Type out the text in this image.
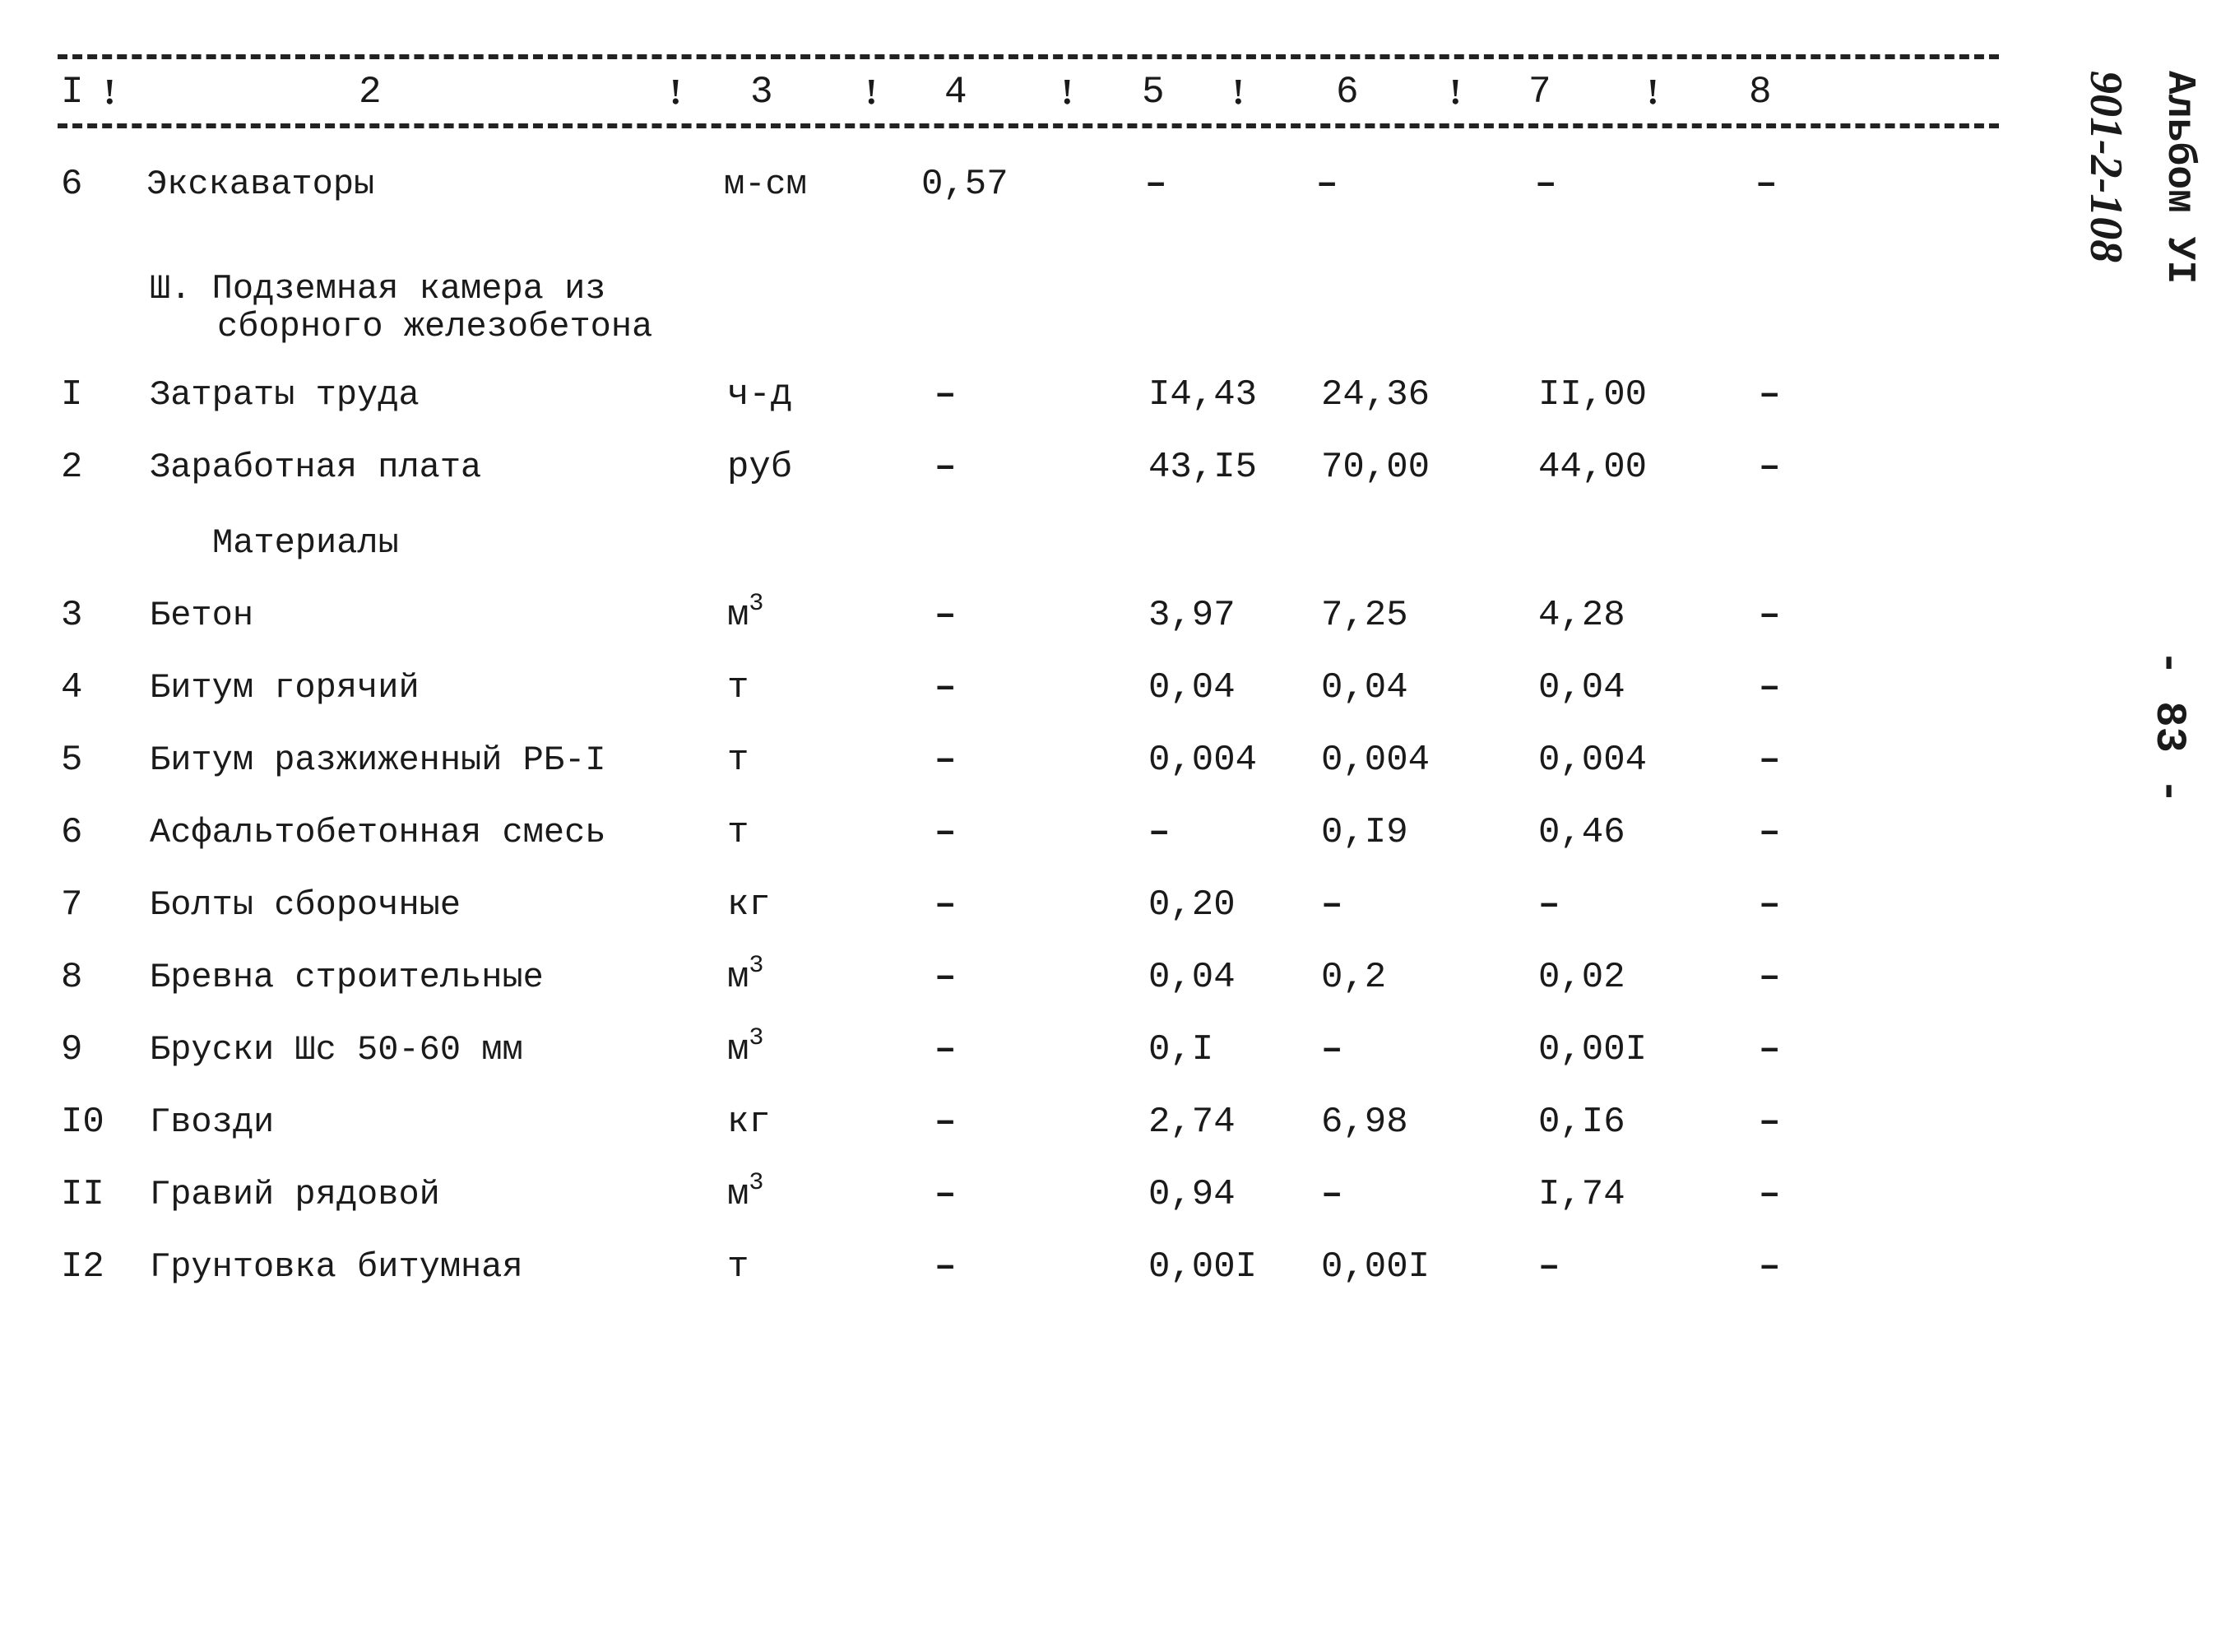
I !	2	! 3	! 4	! 5 ! 6	! 7	! 8
6 Экскаваторы	м-см	0,57	–	–	–	–
Ш. Подземная камера из
сборного железобетона
I Затраты труда	ч-д	–	I4,43 24,36	II,00	–
2 Заработная плата	руб	–	43,I5 70,00	44,00	–
Материалы
3 Бетон	$м^3$	–	3,97 7,25	4,28	–
4 Битум горячий	т	–	0,04 0,04	0,04	–
5 Битум разжиженный РБ-I	т	–	0,004 0,004	0,004	–
6 Асфальтобетонная смесь	т	–	–	0,I9	0,46	–
7 Болты сборочные	кг	–	0,20 –	–	–
8 Бревна строительные	$м^3$	–	0,04 0,2	0,02	–
9 Бруски Шс 50-60 мм	$м^3$	–	0,I	–	0,00I	–
I0 Гвозди	кг	–	2,74 6,98	0,I6	–
II Гравий рядовой	$м^3$	–	0,94 –	I,74	–
I2 Грунтовка битумная	т	–	0,00I 0,00I	–	–
Альбом УI
901-2-108
- 83 -
